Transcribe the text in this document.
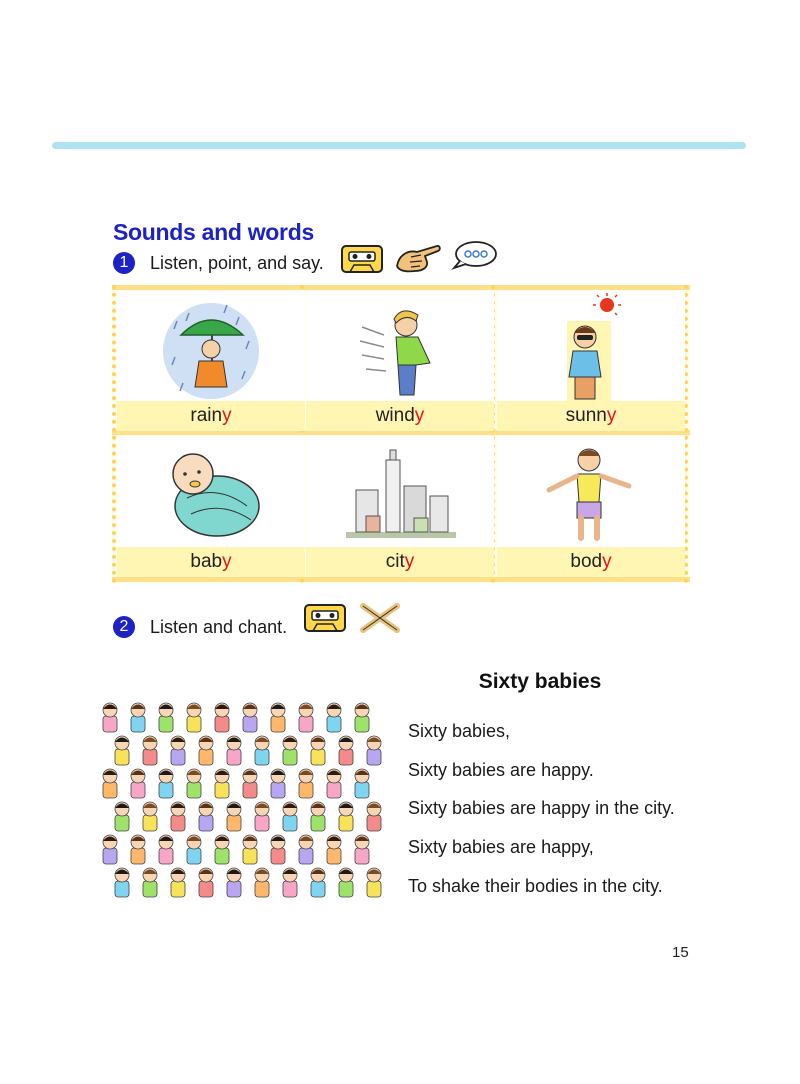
Sounds and words
1	Listen, point, and say.
rainy	windy	sunny
baby	city	body
2	Listen and chant.
Sixty babies
Sixty babies,
Sixty babies are happy.
Sixty babies are happy in the city.
Sixty babies are happy,
To shake their bodies in the city.
15
